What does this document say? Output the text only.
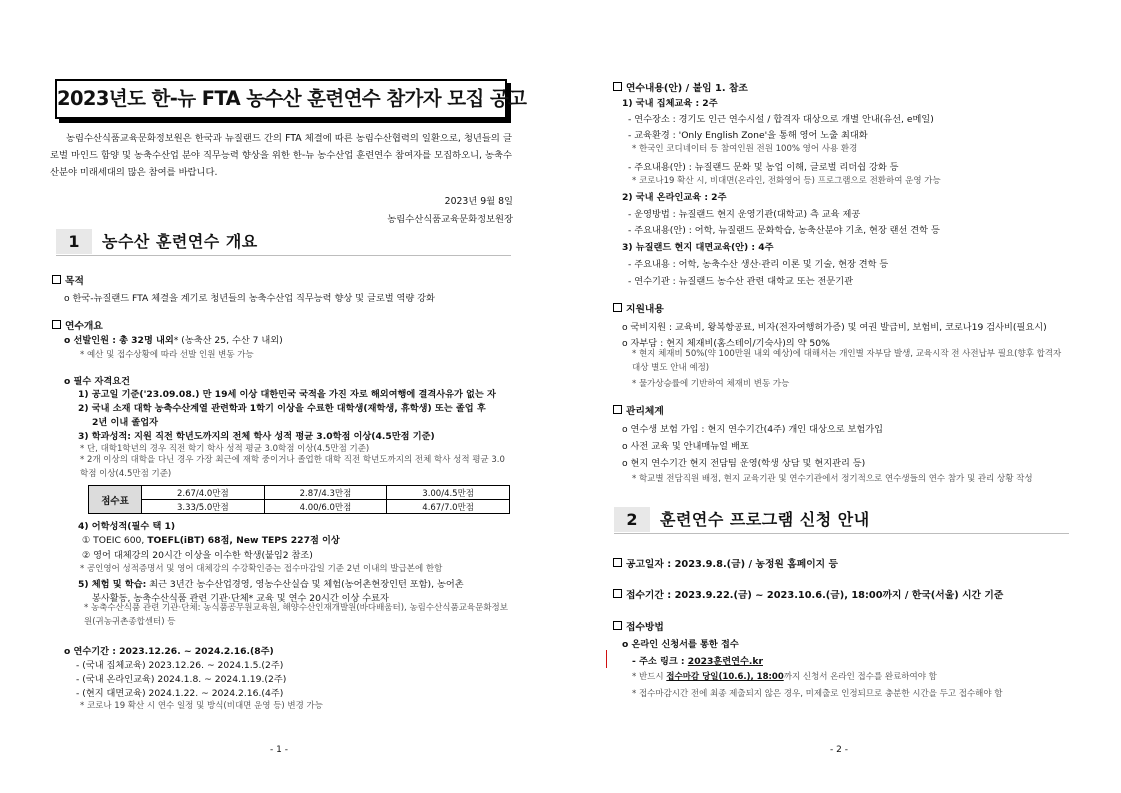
2023년도 한-뉴 FTA 농수산 훈련연수 참가자 모집 공고
농림수산식품교육문화정보원은 한국과 뉴질랜드 간의 FTA 체결에 따른 농림수산협력의 일환으로, 청년들의 글로벌 마인드 함양 및 농축수산업 분야 직무능력 향상을 위한 한-뉴 농수산업 훈련연수 참여자를 모집하오니, 농축수산분야 미래세대의 많은 참여를 바랍니다.
2023년 9월 8일
농림수산식품교육문화정보원장
1	농수산 훈련연수 개요
목적
o 한국-뉴질랜드 FTA 체결을 계기로 청년들의 농축수산업 직무능력 향상 및 글로벌 역량 강화
연수개요
o 선발인원 : 총 32명 내외* (농축산 25, 수산 7 내외)
* 예산 및 접수상황에 따라 선발 인원 변동 가능
o 필수 자격요건
1) 공고일 기준('23.09.08.) 만 19세 이상 대한민국 국적을 가진 자로 해외여행에 결격사유가 없는 자
2) 국내 소재 대학 농축수산계열 관련학과 1학기 이상을 수료한 대학생(재학생, 휴학생) 또는 졸업 후
2년 이내 졸업자
3) 학과성적: 지원 직전 학년도까지의 전체 학사 성적 평균 3.0학점 이상(4.5만점 기준)
* 단, 대학1학년의 경우 직전 학기 학사 성적 평균 3.0학점 이상(4.5만점 기준)
* 2개 이상의 대학을 다닌 경우 가장 최근에 재학 중이거나 졸업한 대학 직전 학년도까지의 전체 학사 성적 평균 3.0학점 이상(4.5만점 기준)
점수표	2.67/4.0만점	2.87/4.3만점	3.00/4.5만점
	3.33/5.0만점	4.00/6.0만점	4.67/7.0만점
4) 어학성적(필수 택 1)
① TOEIC 600, TOEFL(iBT) 68점, New TEPS 227점 이상
② 영어 대체강의 20시간 이상을 이수한 학생(붙임2 참조)
* 공인영어 성적증명서 및 영어 대체강의 수강확인증는 접수마감일 기준 2년 이내의 발급본에 한함
5) 체험 및 학습: 최근 3년간 농수산업경영, 영농수산실습 및 체험(농어촌현장인턴 포함), 농어촌
봉사활동, 농축수산식품 관련 기관·단체* 교육 및 연수 20시간 이상 수료자
* 농축수산식품 관련 기관·단체: 농식품공무원교육원, 해양수산인재개발원(바다배움터), 농림수산식품교육문화정보원(귀농귀촌종합센터) 등
o 연수기간 : 2023.12.26. ~ 2024.2.16.(8주)
- (국내 집체교육) 2023.12.26. ~ 2024.1.5.(2주)
- (국내 온라인교육) 2024.1.8. ~ 2024.1.19.(2주)
- (현지 대면교육) 2024.1.22. ~ 2024.2.16.(4주)
* 코로나 19 확산 시 연수 일정 및 방식(비대면 운영 등) 변경 가능
- 1 -
연수내용(안) / 붙임 1. 참조
1) 국내 집체교육 : 2주
- 연수장소 : 경기도 인근 연수시설 / 합격자 대상으로 개별 안내(유선, e메일)
- 교육환경 : 'Only English Zone'을 통해 영어 노출 최대화
* 한국인 코디네이터 등 참여인원 전원 100% 영어 사용 환경
- 주요내용(안) : 뉴질랜드 문화 및 농업 이해, 글로벌 리더쉽 강화 등
* 코로나19 확산 시, 비대면(온라인, 전화영어 등) 프로그램으로 전환하여 운영 가능
2) 국내 온라인교육 : 2주
- 운영방법 : 뉴질랜드 현지 운영기관(대학교) 측 교육 제공
- 주요내용(안) : 어학, 뉴질랜드 문화학습, 농축산분야 기초, 현장 랜선 견학 등
3) 뉴질랜드 현지 대면교육(안) : 4주
- 주요내용 : 어학, 농축수산 생산·관리 이론 및 기술, 현장 견학 등
- 연수기관 : 뉴질랜드 농수산 관련 대학교 또는 전문기관
지원내용
o 국비지원 : 교육비, 왕복항공료, 비자(전자여행허가증) 및 여권 발급비, 보험비, 코로나19 검사비(필요시)
o 자부담 : 현지 체재비(홈스테이/기숙사)의 약 50%
* 현지 체재비 50%(약 100만원 내외 예상)에 대해서는 개인별 자부담 발생, 교육시작 전 사전납부 필요(향후 합격자 대상 별도 안내 예정)
* 물가상승률에 기반하여 체재비 변동 가능
관리체계
o 연수생 보험 가입 : 현지 연수기간(4주) 개인 대상으로 보험가입
o 사전 교육 및 안내매뉴얼 배포
o 현지 연수기간 현지 전담팀 운영(학생 상담 및 현지관리 등)
* 학교별 전담직원 배정, 현지 교육기관 및 연수기관에서 정기적으로 연수생들의 연수 참가 및 관리 상황 작성
2	훈련연수 프로그램 신청 안내
공고일자 : 2023.9.8.(금) / 농정원 홈페이지 등
접수기간 : 2023.9.22.(금) ~ 2023.10.6.(금), 18:00까지 / 한국(서울) 시간 기준
접수방법
o 온라인 신청서를 통한 접수
- 주소 링크 : 2023훈련연수.kr
* 반드시 접수마감 당일(10.6.), 18:00까지 신청서 온라인 접수를 완료하여야 함
* 접수마감시간 전에 최종 제출되지 않은 경우, 미제출로 인정되므로 충분한 시간을 두고 접수해야 함
- 2 -
